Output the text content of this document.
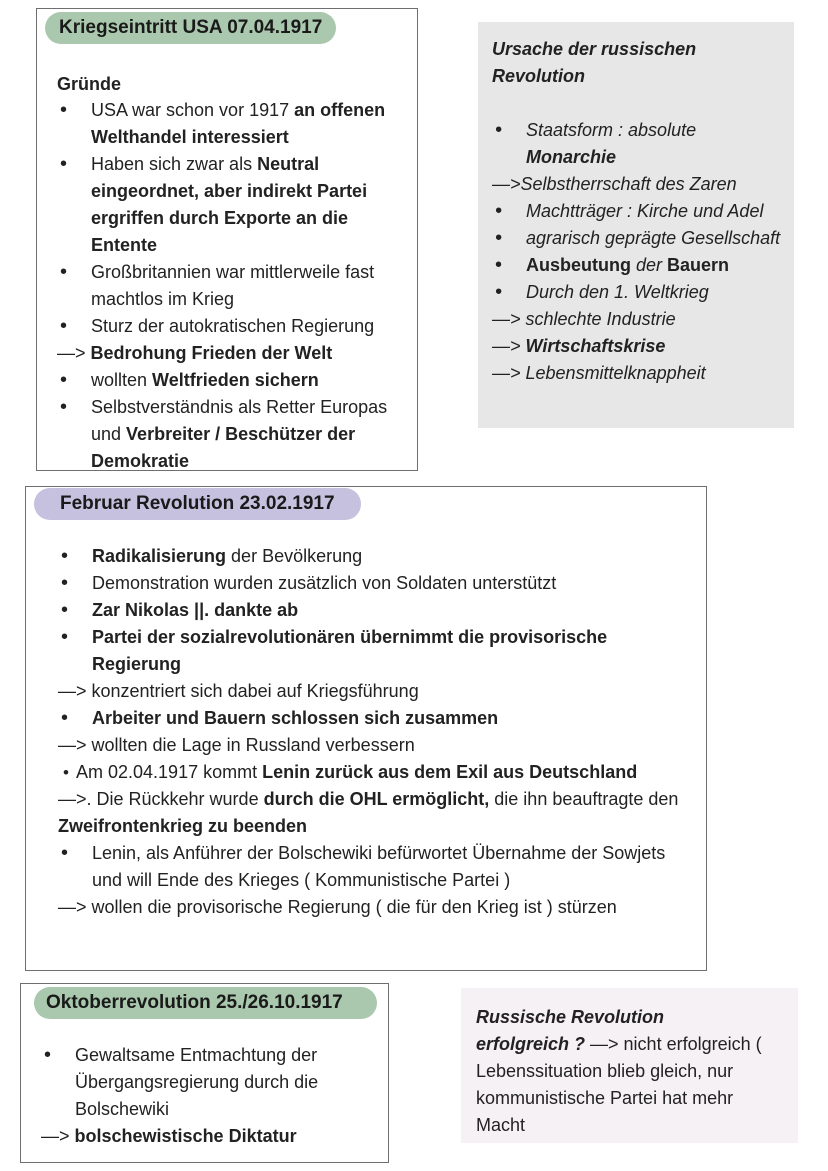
Kriegseintritt USA 07.04.1917
Gründe
• USA war schon vor 1917 an offenen Welthandel interessiert
• Haben sich zwar als Neutral eingeordnet, aber indirekt Partei ergriffen durch Exporte an die Entente
• Großbritannien war mittlerweile fast machtlos im Krieg
• Sturz der autokratischen Regierung
—> Bedrohung Frieden der Welt
• wollten Weltfrieden sichern
• Selbstverständnis als Retter Europas und Verbreiter / Beschützer der Demokratie
Ursache der russischen
Revolution
• Staatsform : absolute
Monarchie
—>Selbstherrschaft des Zaren
• Machtträger : Kirche und Adel
• agrarisch geprägte Gesellschaft
• Ausbeutung der Bauern
• Durch den 1. Weltkrieg
—> schlechte Industrie
—> Wirtschaftskrise
—> Lebensmittelknappheit
Februar Revolution 23.02.1917
• Radikalisierung der Bevölkerung
• Demonstration wurden zusätzlich von Soldaten unterstützt
• Zar Nikolas ||. dankte ab
• Partei der sozialrevolutionären übernimmt die provisorische Regierung
—> konzentriert sich dabei auf Kriegsführung
• Arbeiter und Bauern schlossen sich zusammen
—> wollten die Lage in Russland verbessern
• Am 02.04.1917 kommt Lenin zurück aus dem Exil aus Deutschland
—>. Die Rückkehr wurde durch die OHL ermöglicht, die ihn beauftragte den Zweifrontenkrieg zu beenden
• Lenin, als Anführer der Bolschewiki befürwortet Übernahme der Sowjets und will Ende des Krieges ( Kommunistische Partei )
—> wollen die provisorische Regierung ( die für den Krieg ist ) stürzen
Oktoberrevolution 25./26.10.1917
• Gewaltsame Entmachtung der Übergangsregierung durch die Bolschewiki
—> bolschewistische Diktatur
Russische Revolution
erfolgreich ? —> nicht erfolgreich ( Lebenssituation blieb gleich, nur kommunistische Partei hat mehr Macht
